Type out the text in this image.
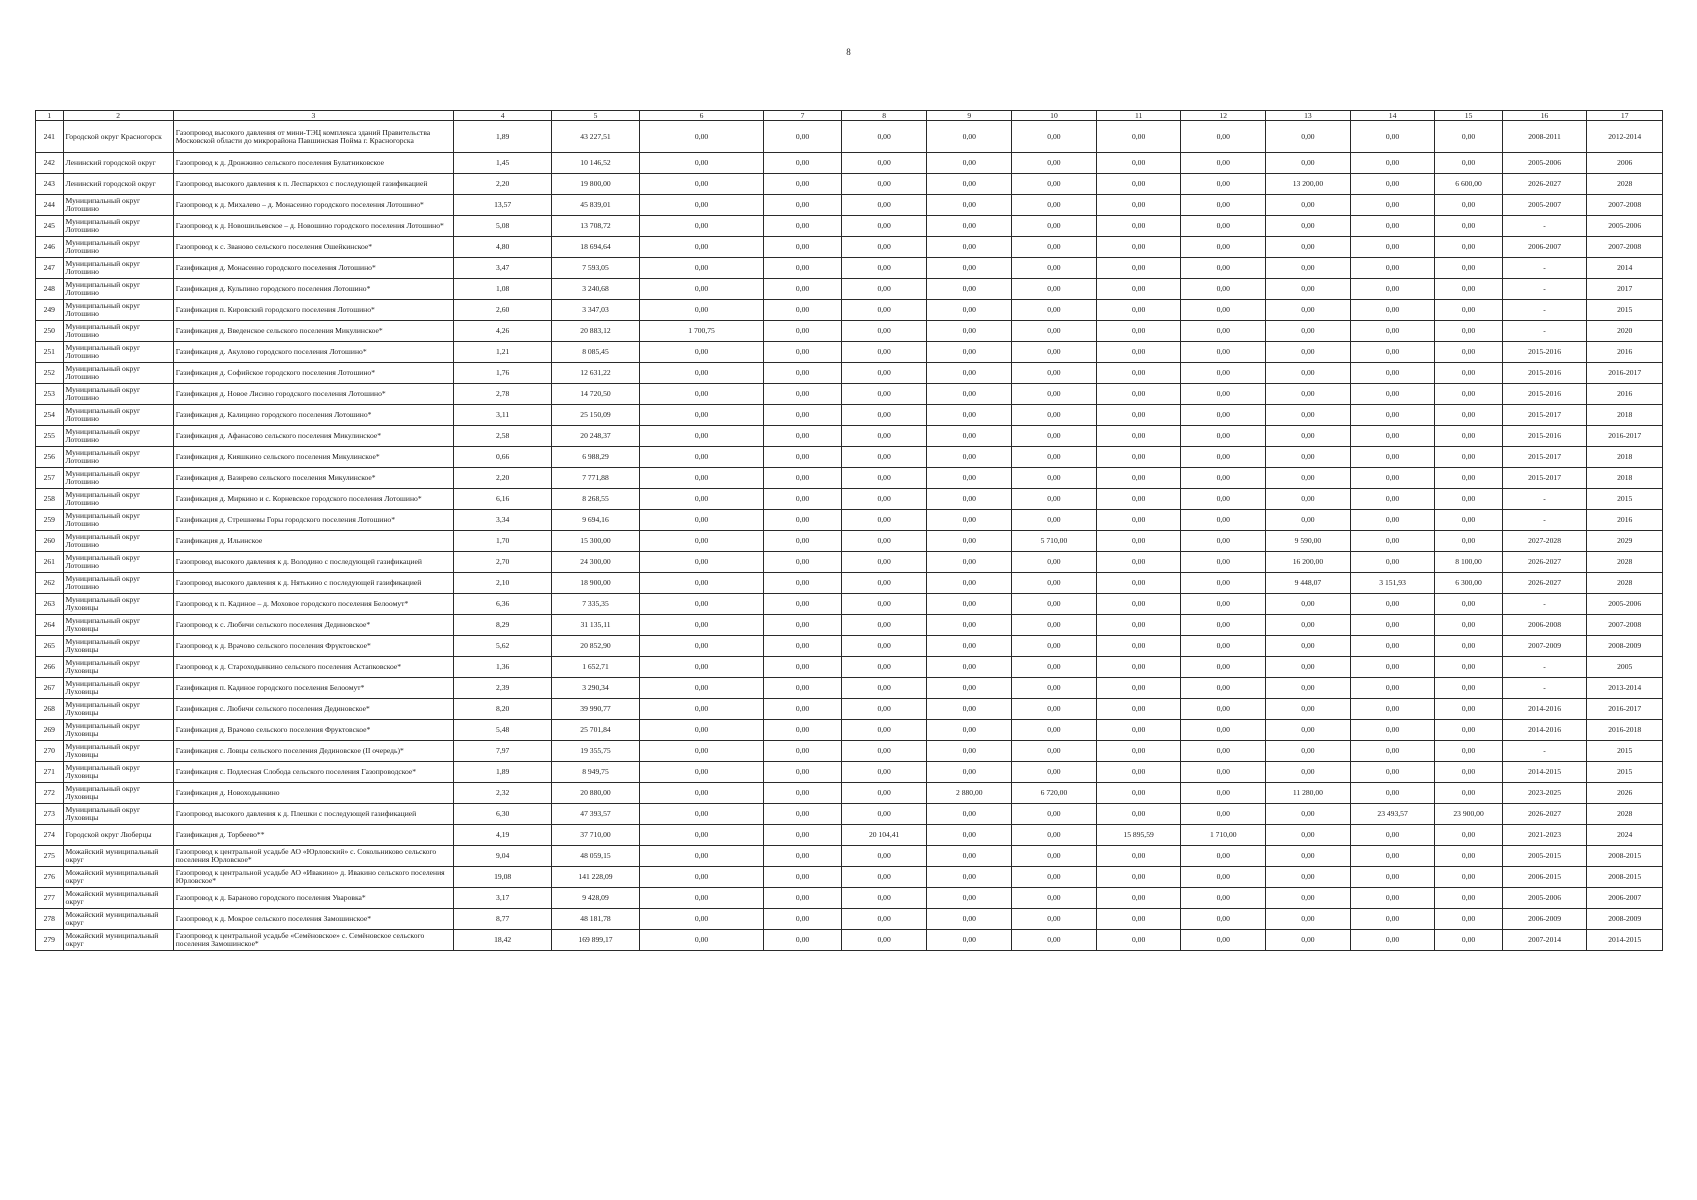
8
1	2	3	4	5	6	7	8	9	10	11	12	13	14	15	16	17
241	Городской округ Красногорск	Газопровод высокого давления от мини-ТЭЦ комплекса зданий Правительства Московской области до микрорайона Павшинская Пойма г. Красногорска	1,89	43 227,51	0,00	0,00	0,00	0,00	0,00	0,00	0,00	0,00	0,00	0,00	2008-2011	2012-2014
242	Ленинский городской округ	Газопровод к д. Дрожжино сельского поселения Булатниковское	1,45	10 146,52	0,00	0,00	0,00	0,00	0,00	0,00	0,00	0,00	0,00	0,00	2005-2006	2006
243	Ленинский городской округ	Газопровод высокого давления к п. Леспаркхоз с последующей газификацией	2,20	19 800,00	0,00	0,00	0,00	0,00	0,00	0,00	0,00	13 200,00	0,00	6 600,00	2026-2027	2028
244	Муниципальный округ Лотошино	Газопровод к д. Михалево – д. Монасеино городского поселения Лотошино*	13,57	45 839,01	0,00	0,00	0,00	0,00	0,00	0,00	0,00	0,00	0,00	0,00	2005-2007	2007-2008
245	Муниципальный округ Лотошино	Газопровод к д. Новошильевское – д. Новошино городского поселения Лотошино*	5,08	13 708,72	0,00	0,00	0,00	0,00	0,00	0,00	0,00	0,00	0,00	0,00	-	2005-2006
246	Муниципальный округ Лотошино	Газопровод к с. Званово сельского поселения Ошейкинское*	4,80	18 694,64	0,00	0,00	0,00	0,00	0,00	0,00	0,00	0,00	0,00	0,00	2006-2007	2007-2008
247	Муниципальный округ Лотошино	Газификация д. Монасеино городского поселения Лотошино*	3,47	7 593,05	0,00	0,00	0,00	0,00	0,00	0,00	0,00	0,00	0,00	0,00	-	2014
248	Муниципальный округ Лотошино	Газификация д. Кульпино городского поселения Лотошино*	1,08	3 240,68	0,00	0,00	0,00	0,00	0,00	0,00	0,00	0,00	0,00	0,00	-	2017
249	Муниципальный округ Лотошино	Газификация п. Кировский городского поселения Лотошино*	2,60	3 347,03	0,00	0,00	0,00	0,00	0,00	0,00	0,00	0,00	0,00	0,00	-	2015
250	Муниципальный округ Лотошино	Газификация д. Введенское сельского поселения Микулинское*	4,26	20 883,12	1 700,75	0,00	0,00	0,00	0,00	0,00	0,00	0,00	0,00	0,00	-	2020
251	Муниципальный округ Лотошино	Газификация д. Акулово городского поселения Лотошино*	1,21	8 085,45	0,00	0,00	0,00	0,00	0,00	0,00	0,00	0,00	0,00	0,00	2015-2016	2016
252	Муниципальный округ Лотошино	Газификация д. Софийское городского поселения Лотошино*	1,76	12 631,22	0,00	0,00	0,00	0,00	0,00	0,00	0,00	0,00	0,00	0,00	2015-2016	2016-2017
253	Муниципальный округ Лотошино	Газификация д. Новое Лисино городского поселения Лотошино*	2,78	14 720,50	0,00	0,00	0,00	0,00	0,00	0,00	0,00	0,00	0,00	0,00	2015-2016	2016
254	Муниципальный округ Лотошино	Газификация д. Калицино городского поселения Лотошино*	3,11	25 150,09	0,00	0,00	0,00	0,00	0,00	0,00	0,00	0,00	0,00	0,00	2015-2017	2018
255	Муниципальный округ Лотошино	Газификация д. Афанасово сельского поселения Микулинское*	2,58	20 248,37	0,00	0,00	0,00	0,00	0,00	0,00	0,00	0,00	0,00	0,00	2015-2016	2016-2017
256	Муниципальный округ Лотошино	Газификация д. Кияшкино сельского поселения Микулинское*	0,66	6 988,29	0,00	0,00	0,00	0,00	0,00	0,00	0,00	0,00	0,00	0,00	2015-2017	2018
257	Муниципальный округ Лотошино	Газификация д. Вазирево сельского поселения Микулинское*	2,20	7 771,88	0,00	0,00	0,00	0,00	0,00	0,00	0,00	0,00	0,00	0,00	2015-2017	2018
258	Муниципальный округ Лотошино	Газификация д. Миркино и с. Корневское городского поселения Лотошино*	6,16	8 268,55	0,00	0,00	0,00	0,00	0,00	0,00	0,00	0,00	0,00	0,00	-	2015
259	Муниципальный округ Лотошино	Газификация д. Стрешневы Горы городского поселения Лотошино*	3,34	9 694,16	0,00	0,00	0,00	0,00	0,00	0,00	0,00	0,00	0,00	0,00	-	2016
260	Муниципальный округ Лотошино	Газификация д. Ильинское	1,70	15 300,00	0,00	0,00	0,00	0,00	5 710,00	0,00	0,00	9 590,00	0,00	0,00	2027-2028	2029
261	Муниципальный округ Лотошино	Газопровод высокого давления к д. Володино с последующей газификацией	2,70	24 300,00	0,00	0,00	0,00	0,00	0,00	0,00	0,00	16 200,00	0,00	8 100,00	2026-2027	2028
262	Муниципальный округ Лотошино	Газопровод высокого давления к д. Нятькино с последующей газификацией	2,10	18 900,00	0,00	0,00	0,00	0,00	0,00	0,00	0,00	9 448,07	3 151,93	6 300,00	2026-2027	2028
263	Муниципальный округ Луховицы	Газопровод к п. Кадиное – д. Моховое городского поселения Белоомут*	6,36	7 335,35	0,00	0,00	0,00	0,00	0,00	0,00	0,00	0,00	0,00	0,00	-	2005-2006
264	Муниципальный округ Луховицы	Газопровод к с. Любичи сельского поселения Дединовское*	8,29	31 135,11	0,00	0,00	0,00	0,00	0,00	0,00	0,00	0,00	0,00	0,00	2006-2008	2007-2008
265	Муниципальный округ Луховицы	Газопровод к д. Врачово сельского поселения Фрүктовское*	5,62	20 852,90	0,00	0,00	0,00	0,00	0,00	0,00	0,00	0,00	0,00	0,00	2007-2009	2008-2009
266	Муниципальный округ Луховицы	Газопровод к д. Староходынкино сельского поселения Астапковское*	1,36	1 652,71	0,00	0,00	0,00	0,00	0,00	0,00	0,00	0,00	0,00	0,00	-	2005
267	Муниципальный округ Луховицы	Газификация п. Кадиное городского поселения Белоомут*	2,39	3 290,34	0,00	0,00	0,00	0,00	0,00	0,00	0,00	0,00	0,00	0,00	-	2013-2014
268	Муниципальный округ Луховицы	Газификация с. Любичи сельского поселения Дединовское*	8,20	39 990,77	0,00	0,00	0,00	0,00	0,00	0,00	0,00	0,00	0,00	0,00	2014-2016	2016-2017
269	Муниципальный округ Луховицы	Газификация д. Врачово сельского поселения Фруктовское*	5,48	25 701,84	0,00	0,00	0,00	0,00	0,00	0,00	0,00	0,00	0,00	0,00	2014-2016	2016-2018
270	Муниципальный округ Луховицы	Газификация с. Ловцы сельского поселения Дединовское (II очередь)*	7,97	19 355,75	0,00	0,00	0,00	0,00	0,00	0,00	0,00	0,00	0,00	0,00	-	2015
271	Муниципальный округ Луховицы	Газификация с. Подлесная Слобода сельского поселения Газопроводское*	1,89	8 949,75	0,00	0,00	0,00	0,00	0,00	0,00	0,00	0,00	0,00	0,00	2014-2015	2015
272	Муниципальный округ Луховицы	Газификация д. Новоходынкино	2,32	20 880,00	0,00	0,00	0,00	2 880,00	6 720,00	0,00	0,00	11 280,00	0,00	0,00	2023-2025	2026
273	Муниципальный округ Луховицы	Газопровод высокого давления к д. Плешки с последующей газификацией	6,30	47 393,57	0,00	0,00	0,00	0,00	0,00	0,00	0,00	0,00	23 493,57	23 900,00	2026-2027	2028
274	Городской округ Люберцы	Газификация д. Торбеево**	4,19	37 710,00	0,00	0,00	20 104,41	0,00	0,00	15 895,59	1 710,00	0,00	0,00	0,00	2021-2023	2024
275	Можайский муниципальный округ	Газопровод к центральной усадьбе АО «Юрловский» с. Сокольниково сельского поселения Юрловское*	9,04	48 059,15	0,00	0,00	0,00	0,00	0,00	0,00	0,00	0,00	0,00	0,00	2005-2015	2008-2015
276	Можайский муниципальный округ	Газопровод к центральной усадьбе АО «Ивакино» д. Ивакино сельского поселения Юрловское*	19,08	141 228,09	0,00	0,00	0,00	0,00	0,00	0,00	0,00	0,00	0,00	0,00	2006-2015	2008-2015
277	Можайский муниципальный округ	Газопровод к д. Бараново городского поселения Уваровка*	3,17	9 428,09	0,00	0,00	0,00	0,00	0,00	0,00	0,00	0,00	0,00	0,00	2005-2006	2006-2007
278	Можайский муниципальный округ	Газопровод к д. Мокрое сельского поселения Замошинское*	8,77	48 181,78	0,00	0,00	0,00	0,00	0,00	0,00	0,00	0,00	0,00	0,00	2006-2009	2008-2009
279	Можайский муниципальный округ	Газопровод к центральной усадьбе «Семёновское» с. Семёновское сельского поселения Замошинское*	18,42	169 899,17	0,00	0,00	0,00	0,00	0,00	0,00	0,00	0,00	0,00	0,00	2007-2014	2014-2015
